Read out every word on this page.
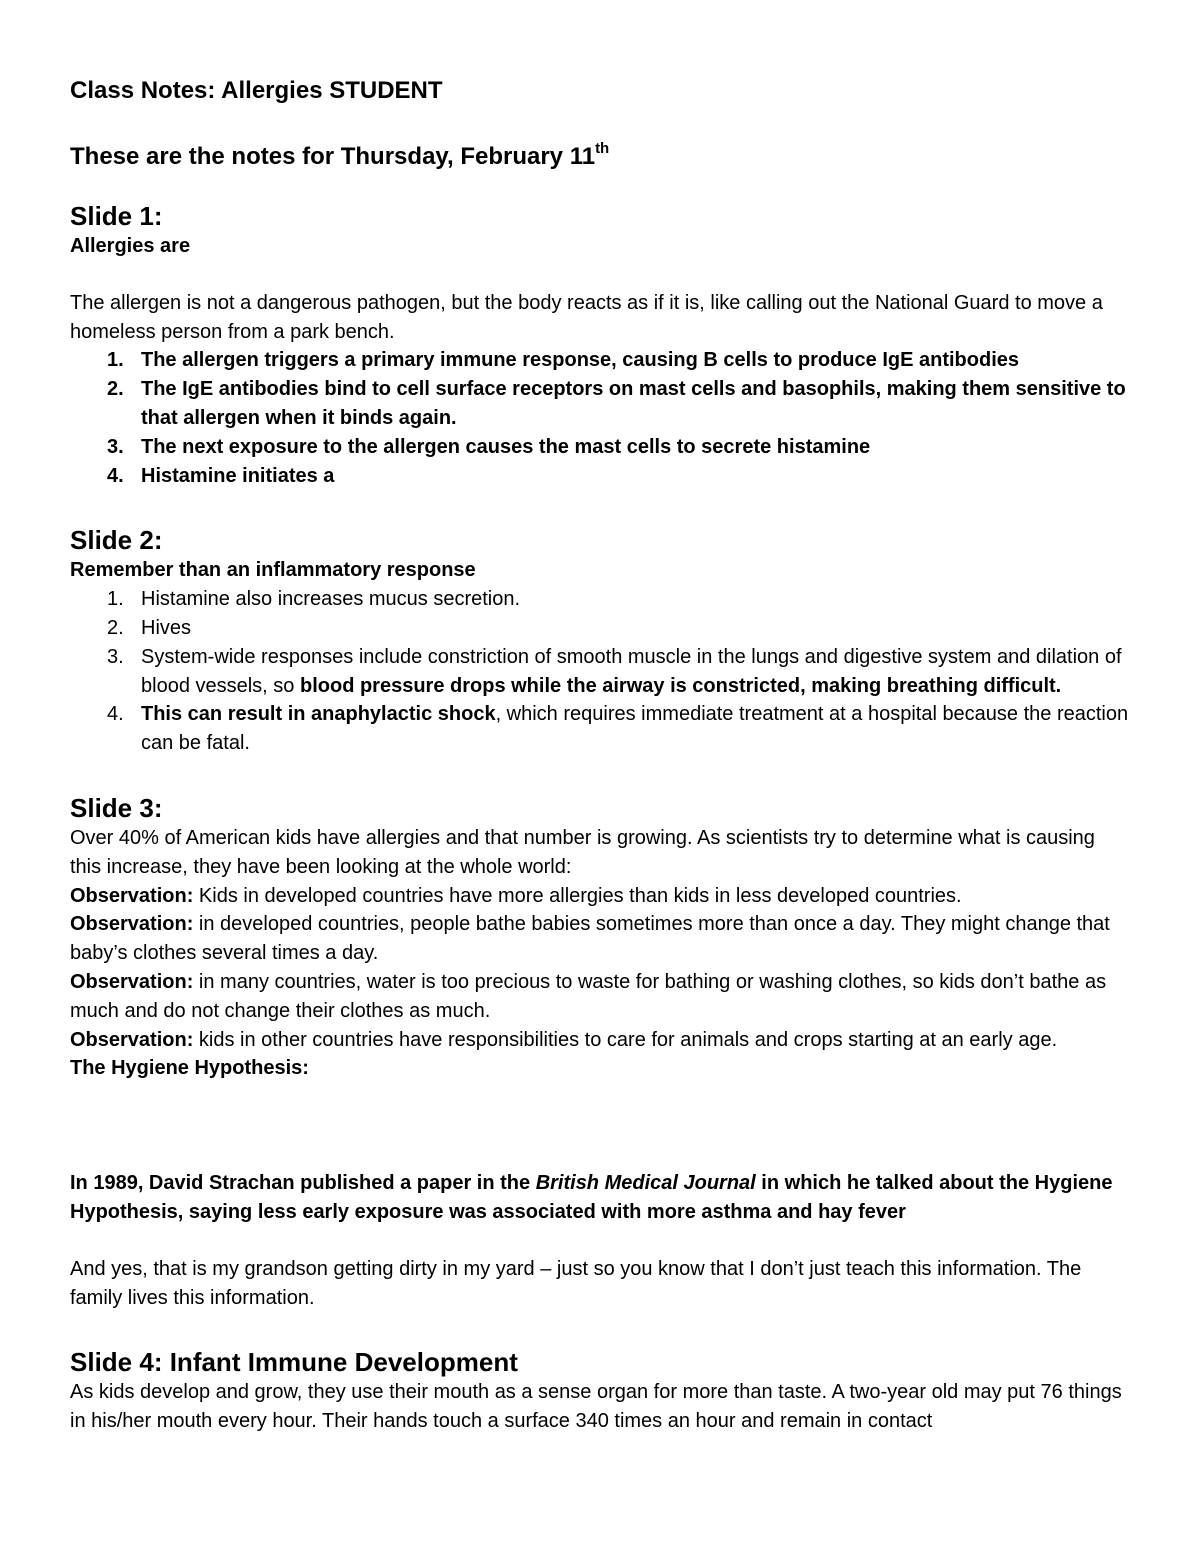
Class Notes: Allergies STUDENT
These are the notes for Thursday, February 11th
Slide 1:

Allergies are

The allergen is not a dangerous pathogen, but the body reacts as if it is, like calling out the National Guard to move a homeless person from a park bench.

1. The allergen triggers a primary immune response, causing B cells to produce IgE antibodies
2. The IgE antibodies bind to cell surface receptors on mast cells and basophils, making them sensitive to that allergen when it binds again.
3. The next exposure to the allergen causes the mast cells to secrete histamine
4. Histamine initiates a
Slide 2:

Remember than an inflammatory response

1. Histamine also increases mucus secretion.
2. Hives
3. System-wide responses include constriction of smooth muscle in the lungs and digestive system and dilation of blood vessels, so blood pressure drops while the airway is constricted, making breathing difficult.
4. This can result in anaphylactic shock, which requires immediate treatment at a hospital because the reaction can be fatal.
Slide 3:

Over 40% of American kids have allergies and that number is growing. As scientists try to determine what is causing this increase, they have been looking at the whole world:

Observation: Kids in developed countries have more allergies than kids in less developed countries.

Observation: in developed countries, people bathe babies sometimes more than once a day. They might change that baby’s clothes several times a day.

Observation: in many countries, water is too precious to waste for bathing or washing clothes, so kids don’t bathe as much and do not change their clothes as much.

Observation: kids in other countries have responsibilities to care for animals and crops starting at an early age.

The Hygiene Hypothesis:

In 1989, David Strachan published a paper in the British Medical Journal in which he talked about the Hygiene Hypothesis, saying less early exposure was associated with more asthma and hay fever

And yes, that is my grandson getting dirty in my yard – just so you know that I don’t just teach this information. The family lives this information.

Slide 4: Infant Immune Development

As kids develop and grow, they use their mouth as a sense organ for more than taste. A two-year old may put 76 things in his/her mouth every hour. Their hands touch a surface 340 times an hour and remain in contact
